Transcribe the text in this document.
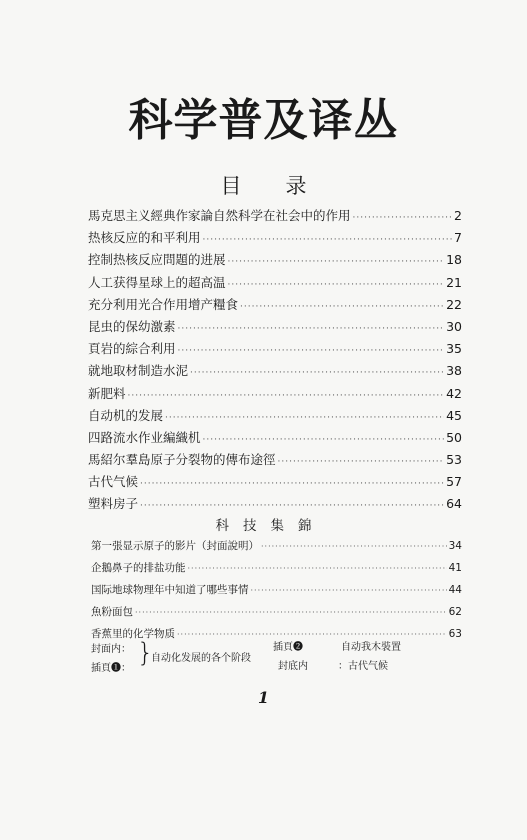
科学普及译丛
目录
馬克思主义經典作家論自然科学在社会中的作用 ·····	2
热核反应的和平利用 ·····	7
控制热核反应問題的进展 ·····	18
人工获得星球上的超高温 ·····	21
充分利用光合作用增产糧食 ·····	22
昆虫的保幼激素 ·····	30
頁岩的綜合利用 ·····	35
就地取材制造水泥 ·····	38
新肥料 ·····	42
自动机的发展 ·····	45
四路流水作业編織机 ·····	50
馬紹尔羣島原子分裂物的傳布途徑 ·····	53
古代气候 ·····	57
塑料房子 ·····	64
科技集錦
第一張显示原子的影片（封面說明） ·····	34
企鵝鼻子的排盐功能 ·····	41
国际地球物理年中知道了哪些事情 ·····	44
魚粉面包 ·····	62
香蕉里的化学物质 ·····	63
封面内：
插頁❶：
}
自动化发展的各个阶段
插頁❷	自动我木裝置
封底内	：古代气候
1
